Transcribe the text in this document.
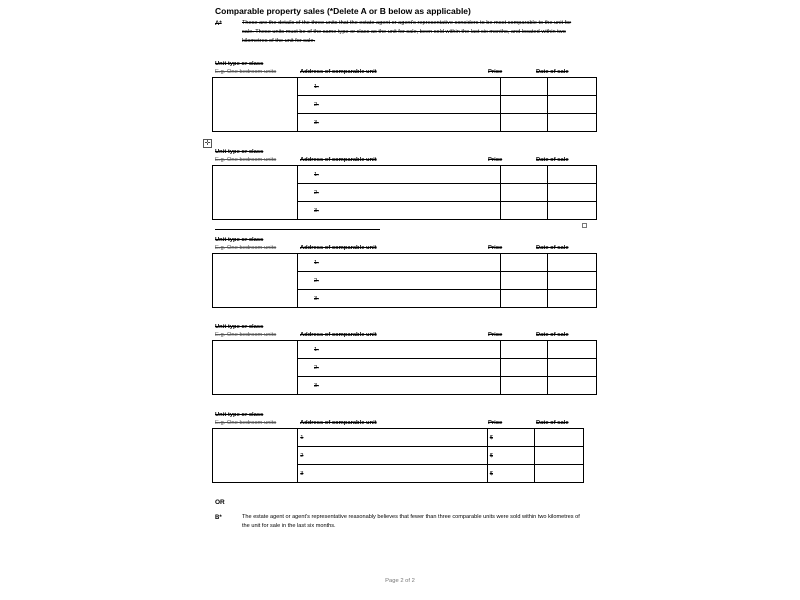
Comparable property sales (*Delete A or B below as applicable)
A*	These are the details of the three units that the estate agent or agent's representative considers to be most comparable to the unit for sale. These units must be of the same type or class as the unit for sale, been sold within the last six months, and located within two kilometres of the unit for sale.
✛
Unit type or class
E.g. One bedroom units	Address of comparable unit	Price	Date of sale
	1.		
	2.		
	3.		
Unit type or class
E.g. One bedroom units	Address of comparable unit	Price	Date of sale
	1.		
	2.		
	3.		
Unit type or class
E.g. One bedroom units	Address of comparable unit	Price	Date of sale
	1.		
	2.		
	3.		
Unit type or class
E.g. One bedroom units	Address of comparable unit	Price	Date of sale
	1.		
	2.		
	3.		
Unit type or class
E.g. One bedroom units	Address of comparable unit	Price	Date of sale
	1	$	
	2	$	
	3	$	
OR
B*	The estate agent or agent's representative reasonably believes that fewer than three comparable units were sold within two kilometres of the unit for sale in the last six months.
Page 2 of 2
